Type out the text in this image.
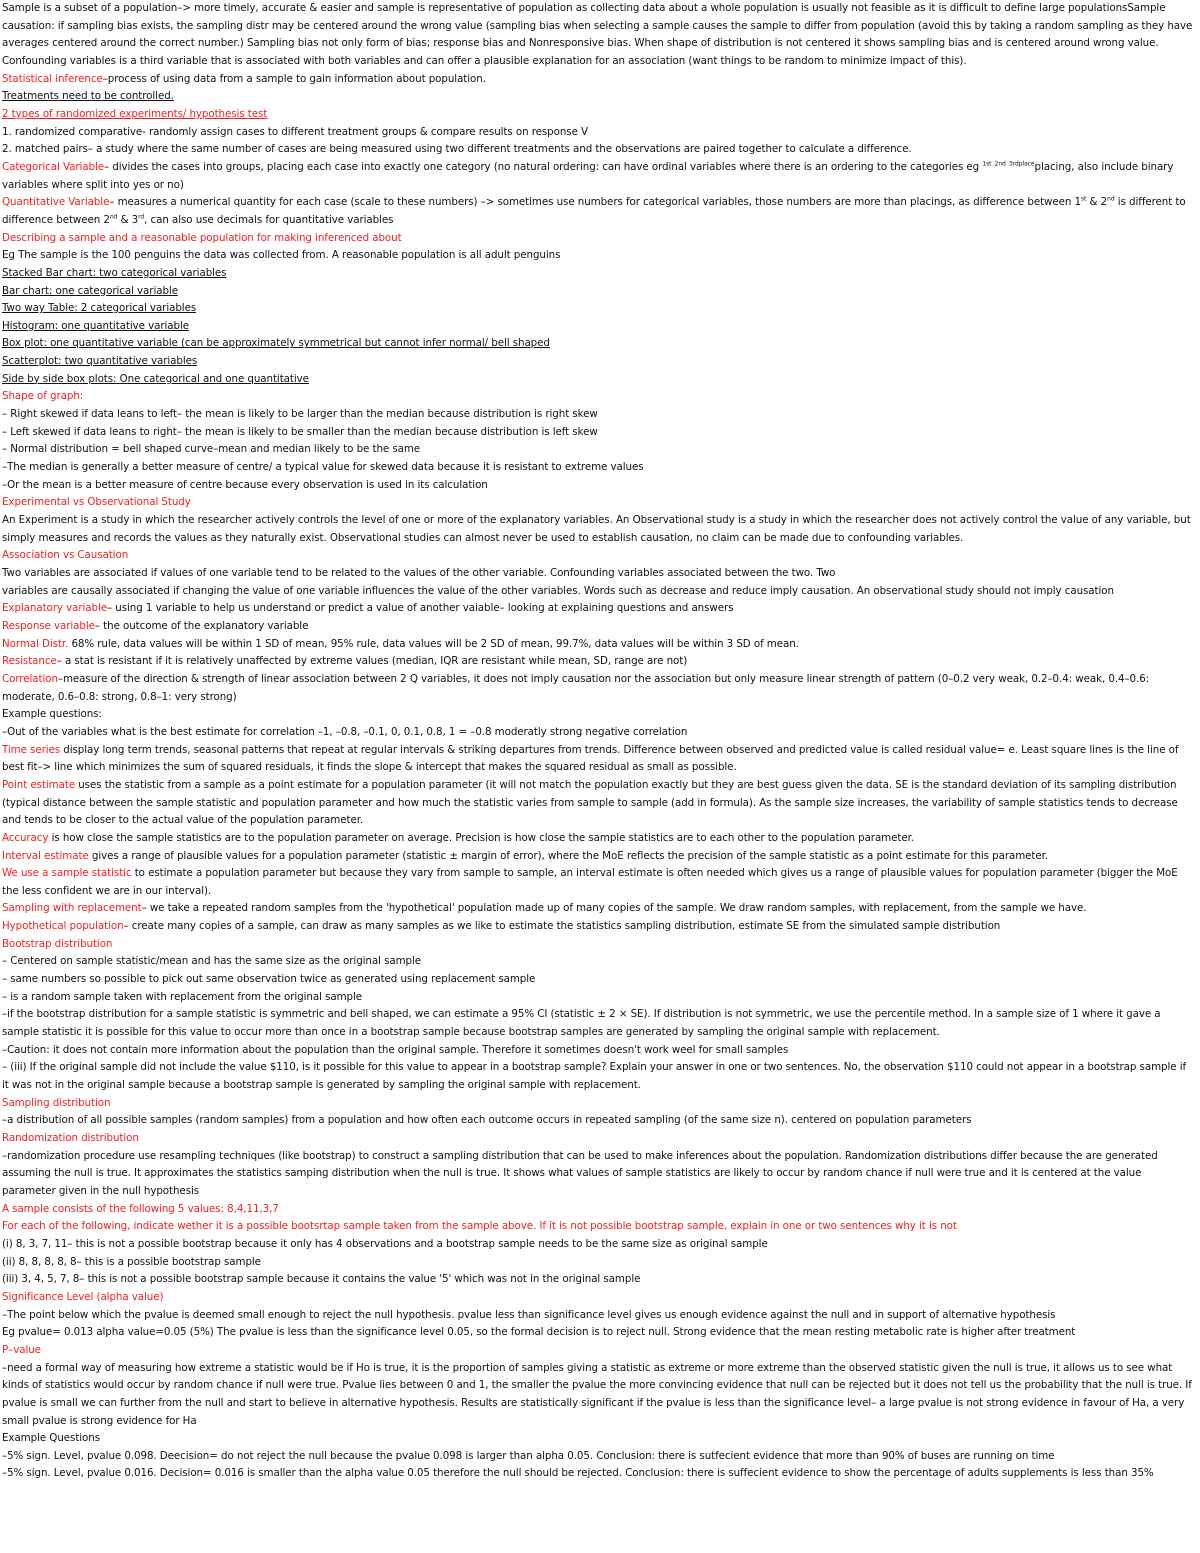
Sample is a subset of a population–> more timely, accurate & easier and sample is representative of population as collecting data about a whole population is usually not feasible as it is difficult to define large populationsSample causation: if sampling bias exists, the sampling distr may be centered around the wrong value (sampling bias when selecting a sample causes the sample to differ from population (avoid this by taking a random sampling as they have averages centered around the correct number.) Sampling bias not only form of bias; response bias and Nonresponsive bias. When shape of distribution is not centered it shows sampling bias and is centered around wrong value. Confounding variables is a third variable that is associated with both variables and can offer a plausible explanation for an association (want things to be random to minimize impact of this).

Statistical inference–process of using data from a sample to gain information about population.

Treatments need to be controlled.

2 types of randomized experiments/ hypothesis test

1. randomized comparative- randomly assign cases to different treatment groups & compare results on response V

2. matched pairs– a study where the same number of cases are being measured using two different treatments and the observations are paired together to calculate a difference.

Categorical Variable– divides the cases into groups, placing each case into exactly one category (no natural ordering: can have ordinal variables where there is an ordering to the categories eg $^{1st}$ $^{2nd}$ $^{3rdplace}$placing, also include binary variables where split into yes or no)

Quantitative Variable– measures a numerical quantity for each case (scale to these numbers) –> sometimes use numbers for categorical variables, those numbers are more than placings, as difference between 1st & 2nd is different to difference between 2nd & 3rd, can also use decimals for quantitative variables

Describing a sample and a reasonable population for making inferenced about

Eg The sample is the 100 penguins the data was collected from. A reasonable population is all adult penguins

Stacked Bar chart: two categorical variables

Bar chart: one categorical variable

Two way Table: 2 categorical variables

Histogram: one quantitative variable

Box plot: one quantitative variable (can be approximately symmetrical but cannot infer normal/ bell shaped

Scatterplot: two quantitative variables

Side by side box plots: One categorical and one quantitative

Shape of graph:

– Right skewed if data leans to left– the mean is likely to be larger than the median because distribution is right skew

– Left skewed if data leans to right– the mean is likely to be smaller than the median because distribution is left skew

– Normal distribution = bell shaped curve–mean and median likely to be the same

–The median is generally a better measure of centre/ a typical value for skewed data because it is resistant to extreme values

–Or the mean is a better measure of centre because every observation is used in its calculation

Experimental vs Observational Study

An Experiment is a study in which the researcher actively controls the level of one or more of the explanatory variables. An Observational study is a study in which the researcher does not actively control the value of any variable, but simply measures and records the values as they naturally exist. Observational studies can almost never be used to establish causation, no claim can be made due to confounding variables.

Association vs Causation

Two variables are associated if values of one variable tend to be related to the values of the other variable. Confounding variables associated between the two. Two

variables are causally associated if changing the value of one variable influences the value of the other variables. Words such as decrease and reduce imply causation. An observational study should not imply causation

Explanatory variable– using 1 variable to help us understand or predict a value of another vaiable– looking at explaining questions and answers

Response variable– the outcome of the explanatory variable

Normal Distr. 68% rule, data values will be within 1 SD of mean, 95% rule, data values will be 2 SD of mean, 99.7%, data values will be within 3 SD of mean.

Resistance– a stat is resistant if it is relatively unaffected by extreme values (median, IQR are resistant while mean, SD, range are not)

Correlation–measure of the direction & strength of linear association between 2 Q variables, it does not imply causation nor the association but only measure linear strength of pattern (0–0.2 very weak, 0.2–0.4: weak, 0.4–0.6: moderate, 0.6–0.8: strong, 0.8–1: very strong)

Example questions:

–Out of the variables what is the best estimate for correlation –1, –0.8, –0.1, 0, 0.1, 0.8, 1 = –0.8 moderatly strong negative correlation

Time series display long term trends, seasonal patterns that repeat at regular intervals & striking departures from trends. Difference between observed and predicted value is called residual value= e. Least square lines is the line of best fit–> line which minimizes the sum of squared residuals, it finds the slope & intercept that makes the squared residual as small as possible.

Point estimate uses the statistic from a sample as a point estimate for a population parameter (it will not match the population exactly but they are best guess given the data. SE is the standard deviation of its sampling distribution (typical distance between the sample statistic and population parameter and how much the statistic varies from sample to sample (add in formula). As the sample size increases, the variability of sample statistics tends to decrease and tends to be closer to the actual value of the population parameter.

Accuracy is how close the sample statistics are to the population parameter on average. Precision is how close the sample statistics are to each other to the population parameter.

Interval estimate gives a range of plausible values for a population parameter (statistic ± margin of error), where the MoE reflects the precision of the sample statistic as a point estimate for this parameter.

We use a sample statistic to estimate a population parameter but because they vary from sample to sample, an interval estimate is often needed which gives us a range of plausible values for population parameter (bigger the MoE the less confident we are in our interval).

Sampling with replacement– we take a repeated random samples from the 'hypothetical' population made up of many copies of the sample. We draw random samples, with replacement, from the sample we have.

Hypothetical population– create many copies of a sample, can draw as many samples as we like to estimate the statistics sampling distribution, estimate SE from the simulated sample distribution

Bootstrap distribution

– Centered on sample statistic/mean and has the same size as the original sample

– same numbers so possible to pick out same observation twice as generated using replacement sample

– is a random sample taken with replacement from the original sample

–if the bootstrap distribution for a sample statistic is symmetric and bell shaped, we can estimate a 95% CI (statistic ± 2 × SE). If distribution is not symmetric, we use the percentile method. In a sample size of 1 where it gave a sample statistic it is possible for this value to occur more than once in a bootstrap sample because bootstrap samples are generated by sampling the original sample with replacement.

–Caution: it does not contain more information about the population than the original sample. Therefore it sometimes doesn't work weel for small samples

– (iii) If the original sample did not include the value $110, is it possible for this value to appear in a bootstrap sample? Explain your answer in one or two sentences. No, the observation $110 could not appear in a bootstrap sample if it was not in the original sample because a bootstrap sample is generated by sampling the original sample with replacement.

Sampling distribution

–a distribution of all possible samples (random samples) from a population and how often each outcome occurs in repeated sampling (of the same size n). centered on population parameters

Randomization distribution

–randomization procedure use resampling techniques (like bootstrap) to construct a sampling distribution that can be used to make inferences about the population. Randomization distributions differ because the are generated assuming the null is true. It approximates the statistics samping distribution when the null is true. It shows what values of sample statistics are likely to occur by random chance if null were true and it is centered at the value parameter given in the null hypothesis

A sample consists of the following 5 values: 8,4,11,3,7

For each of the following, indicate wether it is a possible bootsrtap sample taken from the sample above. If it is not possible bootstrap sample, explain in one or two sentences why it is not

(i) 8, 3, 7, 11– this is not a possible bootstrap because it only has 4 observations and a bootstrap sample needs to be the same size as original sample

(ii) 8, 8, 8, 8, 8– this is a possible bootstrap sample

(iii) 3, 4, 5, 7, 8– this is not a possible bootstrap sample because it contains the value '5' which was not in the original sample

Significance Level (alpha value)

–The point below which the pvalue is deemed small enough to reject the null hypothesis. pvalue less than significance level gives us enough evidence against the null and in support of alternative hypothesis

Eg pvalue= 0.013 alpha value=0.05 (5%) The pvalue is less than the significance level 0.05, so the formal decision is to reject null. Strong evidence that the mean resting metabolic rate is higher after treatment

P–value

–need a formal way of measuring how extreme a statistic would be if Ho is true, it is the proportion of samples giving a statistic as extreme or more extreme than the observed statistic given the null is true, it allows us to see what kinds of statistics would occur by random chance if null were true. Pvalue lies between 0 and 1, the smaller the pvalue the more convincing evidence that null can be rejected but it does not tell us the probability that the null is true. If pvalue is small we can further from the null and start to believe in alternative hypothesis. Results are statistically significant if the pvalue is less than the significance level– a large pvalue is not strong evidence in favour of Ha, a very small pvalue is strong evidence for Ha

Example Questions

–5% sign. Level, pvalue 0.098. Deecision= do not reject the null because the pvalue 0.098 is larger than alpha 0.05. Conclusion: there is sutfecient evidence that more than 90% of buses are running on time

–5% sign. Level, pvalue 0.016. Decision= 0.016 is smaller than the alpha value 0.05 therefore the null should be rejected. Conclusion: there is suffecient evidence to show the percentage of adults supplements is less than 35%
